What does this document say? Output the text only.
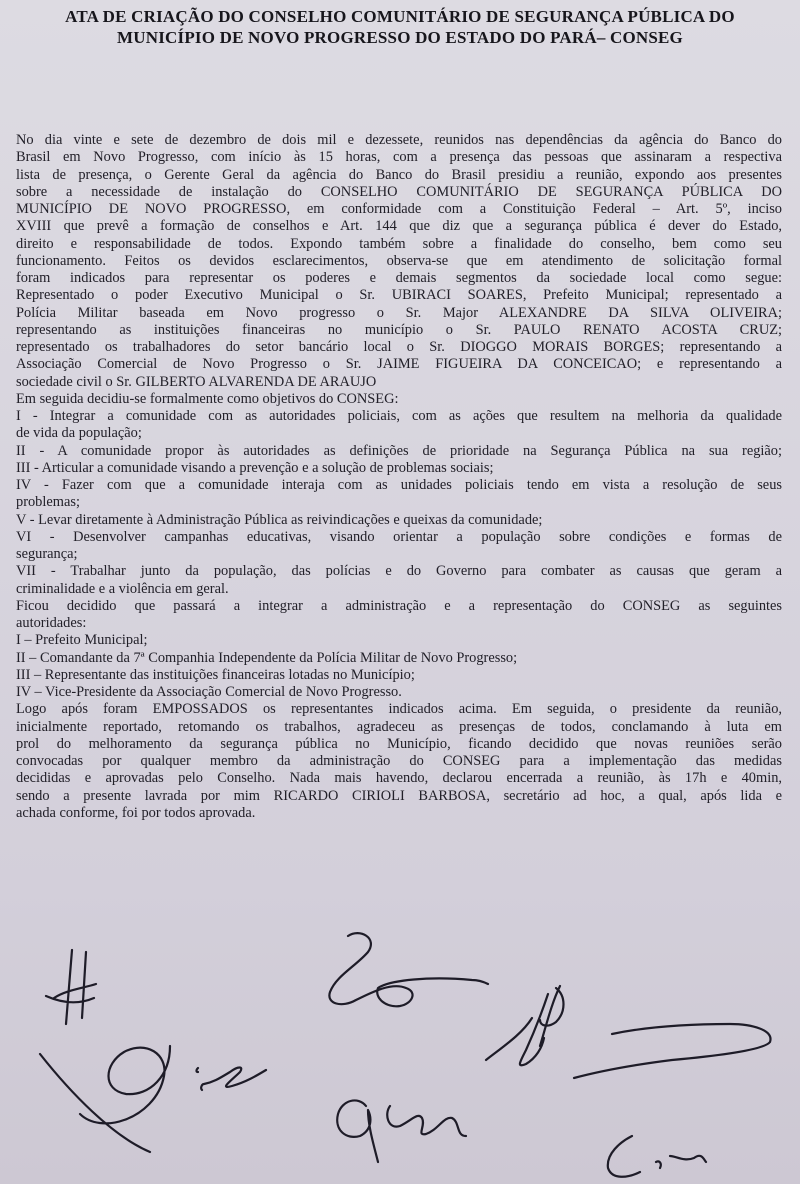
ATA DE CRIAÇÃO DO CONSELHO COMUNITÁRIO DE SEGURANÇA PÚBLICA DO
MUNICÍPIO DE NOVO PROGRESSO DO ESTADO DO PARÁ– CONSEG
No dia vinte e sete de dezembro de dois mil e dezessete, reunidos nas dependências da agência do Banco do
Brasil em Novo Progresso, com início às 15 horas, com a presença das pessoas que assinaram a respectiva
lista de presença, o Gerente Geral da agência do Banco do Brasil presidiu a reunião, expondo aos presentes
sobre a necessidade de instalação do CONSELHO COMUNITÁRIO DE SEGURANÇA PÚBLICA DO
MUNICÍPIO DE NOVO PROGRESSO, em conformidade com a Constituição Federal – Art. 5º, inciso
XVIII que prevê a formação de conselhos e Art. 144 que diz que a segurança pública é dever do Estado,
direito e responsabilidade de todos. Expondo também sobre a finalidade do conselho, bem como seu
funcionamento. Feitos os devidos esclarecimentos, observa-se que em atendimento de solicitação formal
foram indicados para representar os poderes e demais segmentos da sociedade local como segue:
Representado o poder Executivo Municipal o Sr. UBIRACI SOARES, Prefeito Municipal; representado a
Polícia Militar baseada em Novo progresso o Sr. Major ALEXANDRE DA SILVA OLIVEIRA;
representando as instituições financeiras no município o Sr. PAULO RENATO ACOSTA CRUZ;
representado os trabalhadores do setor bancário local o Sr. DIOGGO MORAIS BORGES; representando a
Associação Comercial de Novo Progresso o Sr. JAIME FIGUEIRA DA CONCEICAO; e representando a
sociedade civil o Sr. GILBERTO ALVARENDA DE ARAUJO
Em seguida decidiu-se formalmente como objetivos do CONSEG:
I - Integrar a comunidade com as autoridades policiais, com as ações que resultem na melhoria da qualidade
de vida da população;
II - A comunidade propor às autoridades as definições de prioridade na Segurança Pública na sua região;
III - Articular a comunidade visando a prevenção e a solução de problemas sociais;
IV - Fazer com que a comunidade interaja com as unidades policiais tendo em vista a resolução de seus
problemas;
V - Levar diretamente à Administração Pública as reivindicações e queixas da comunidade;
VI - Desenvolver campanhas educativas, visando orientar a população sobre condições e formas de
segurança;
VII - Trabalhar junto da população, das polícias e do Governo para combater as causas que geram a
criminalidade e a violência em geral.
Ficou decidido que passará a integrar a administração e a representação do CONSEG as seguintes
autoridades:
I – Prefeito Municipal;
II – Comandante da 7ª Companhia Independente da Polícia Militar de Novo Progresso;
III – Representante das instituições financeiras lotadas no Município;
IV – Vice-Presidente da Associação Comercial de Novo Progresso.
Logo após foram EMPOSSADOS os representantes indicados acima. Em seguida, o presidente da reunião,
inicialmente reportado, retomando os trabalhos, agradeceu as presenças de todos, conclamando à luta em
prol do melhoramento da segurança pública no Município, ficando decidido que novas reuniões serão
convocadas por qualquer membro da administração do CONSEG para a implementação das medidas
decididas e aprovadas pelo Conselho. Nada mais havendo, declarou encerrada a reunião, às 17h e 40min,
sendo a presente lavrada por mim RICARDO CIRIOLI BARBOSA, secretário ad hoc, a qual, após lida e
achada conforme, foi por todos aprovada.
